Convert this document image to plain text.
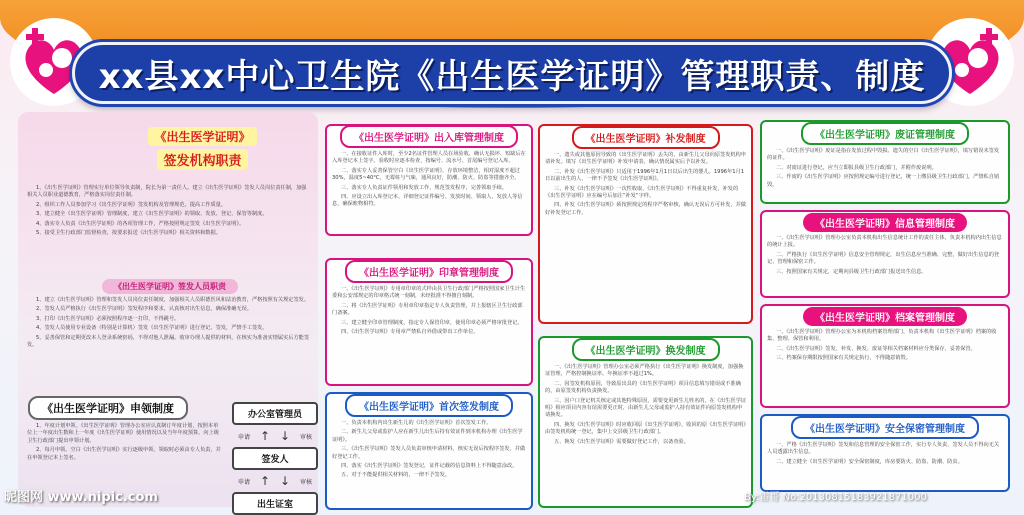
xx县xx中心卫生院《出生医学证明》管理职责、制度
《出生医学证明》
签发机构职责

1、《出生医学证明》管理实行单位领导负责制，院长为第一责任人。建立《出生医学证明》签发人员岗位责任制，加强相关人员职业道德教育，严格落实岗位责任制。

2、组织工作人员参加学习《出生医学证明》签发机构及管理规范，提高工作质量。

3、建立健全《出生医学证明》管理制度，建立《出生医学证明》的领取、发放、登记、保管等制度。

4、落实专人负责《出生医学证明》的各项管理工作，严格按照规定签发《出生医学证明》。

5、接受卫生行政部门监督检查，按要求报送《出生医学证明》相关资料和数据。

《出生医学证明》签发人员职责

1、建立《出生医学证明》管理和签发人员岗位责任制度，加强相关人员职德医风和法治教育，严格按照有关规定签发。

2、签发人员严格执行《出生医学证明》签发程序和要求，认真核对出生信息，确保准确无误。

3、打印《出生医学证明》必须按照程序逐一打印，不得跳号。

4、签发人员使用专业设备（特别是计算机）签发《出生医学证明》进行登记、签发，严禁手工签发。

5、妥善保管和定期更改本人登录系统密码，不得对他人泄漏。收审办理人提供的材料，在核实为准备实情属实后方能签发。

《出生医学证明》申领制度

1、年度计划申领。《出生医学证明》管理办公室应认真制订年度计划，按照本单位上一年度出生数和上一年度《出生医学证明》使用情况以及当年年度预算，向上级卫生行政部门提出申领计划。

2、每月申领。空白《出生医学证明》实行逐级申领，领取时必须由专人负责，并在申领登记本上签名。

办公室管理员
申请 ↑ ↓ 审核
签发人
申请 ↑ ↓ 审核
出生证室
《出生医学证明》出入库管理制度

一、在接收证件入库时，至少2名证件管理人员在场验收，确认无损坏、短缺后在入库登记本上签字。验收时应逐本检查，按编号、流水号、首尾编号登记入库。

二、落实专人妥善保管空白《出生医学证明》，存放环境整洁，相对湿度不超过30%，温度5~40°C，无霉蛀与气味，通风良好，防潮、防火、防盗等措施齐全。

三、落实专人负责证件领用和发放工作，规范签发程序，完善领取手续。

四、应设立出入库登记本，详细登记证件编号、发放时间、领取人、发放人等信息，确保账物相符。

《出生医学证明》印章管理制度

一、《出生医学证明》专用章印章的式样由县卫生行政部门严格按照国家卫生计生委和公安部规定的印章格式统一刻制，未经批准不得擅自刻制。

二、将《出生医学证明》专用章印章指定专人负责管理，并上报辖区卫生行政部门备案。

三、建立健全印章管理制度，指定专人保管印章，使用印章必须严格审批登记。

四、《出生医学证明》专用章严禁私自外借或带出工作单位。

《出生医学证明》首次签发制度

一、负责本机构内出生新生儿的《出生医学证明》首次签发工作。

二、新生儿父母或监护人应在新生儿出生后持有效证件到本机构办理《出生医学证明》。

三、《出生医学证明》签发人员负责审核申请材料，核实无误后按程序签发，并做好登记工作。

四、落实《出生医学证明》签发登记，证件记载的信息资料上不得随意涂改。

五、对于不能提供相关材料的，一律不予签发。

《出生医学证明》补发制度

一、遗失或其他原因导致的《出生医学证明》丢失的，由新生儿父母向原签发机构申请补发。填写《出生医学证明》补发申请表，确认情况属实后予以补发。

二、补发《出生医学证明》只适用于1996年1月1日以后出生的婴儿。1996年1月1日以前出生的人，一律不予签发《出生医学证明》。

三、补发《出生医学证明》一次性收取，《出生医学证明》不得重复补发，补发的《出生医学证明》应在编号后加注“补发”字样。

四、补发《出生医学证明》须按照规定的程序严格审核，确认无误后方可补发，并做好补发登记工作。

《出生医学证明》换发制度

一、《出生医学证明》管理办公室必须严格执行《出生医学证明》换发制度，加强换证管理，严格控制换证率。年换证率不超过1%。

二、因签发机构原因，导致原出具的《出生医学证明》项目信息填写错误或不准确的，由原签发机构负责换发。

三、因户口登记机关核定或其他特殊原因，需要变更新生儿姓名的，在《出生医学证明》相应项目内容有误需要更正时，由新生儿父母或监护人持有效证件向原签发机构申请换发。

四、换发《出生医学证明》时应收回原《出生医学证明》，收回的原《出生医学证明》由签发机构统一登记，集中上交县级卫生行政部门。

五、换发《出生医学证明》需要做好登记工作，以备查验。

《出生医学证明》废证管理制度

一、《出生医学证明》废证是指在发放过程中毁损、遗失的空白《出生医学证明》，填写错误未签发的证件。

二、对废证进行登记，应当立即报县级卫生行政部门，并附作废说明。

三、作废的《出生医学证明》应按照规定编号进行登记，统一上缴县级卫生行政部门，严禁私自销毁。

《出生医学证明》信息管理制度

一、《出生医学证明》管理办公室负责本机构出生信息统计工作的责任主体，负责本机构内出生信息的统计上报。

二、严格执行《出生医学证明》信息安全管理规定，出生信息应当准确、完整，做好出生信息的登记、管理和保密工作。

三、按照国家有关规定，定期向县级卫生行政部门报送出生信息。

《出生医学证明》档案管理制度

一、《出生医学证明》管理办公室为本机构档案管理部门，负责本机构《出生医学证明》档案的收集、整理、保管和利用。

二、《出生医学证明》签发、补发、换发、废证等相关档案材料应分类保存，妥善保管。

三、档案保存期限按照国家有关规定执行，不得随意销毁。

《出生医学证明》安全保密管理制度

一、严格《出生医学证明》签发和信息管理的安全保密工作，实行专人负责，签发人员不得向无关人员透露出生信息。

二、建立健全《出生医学证明》安全保密制度，库房要防火、防盗、防潮、防虫。

昵图网 www.nipic.com	By:雷哥 No:20130815183921871000
